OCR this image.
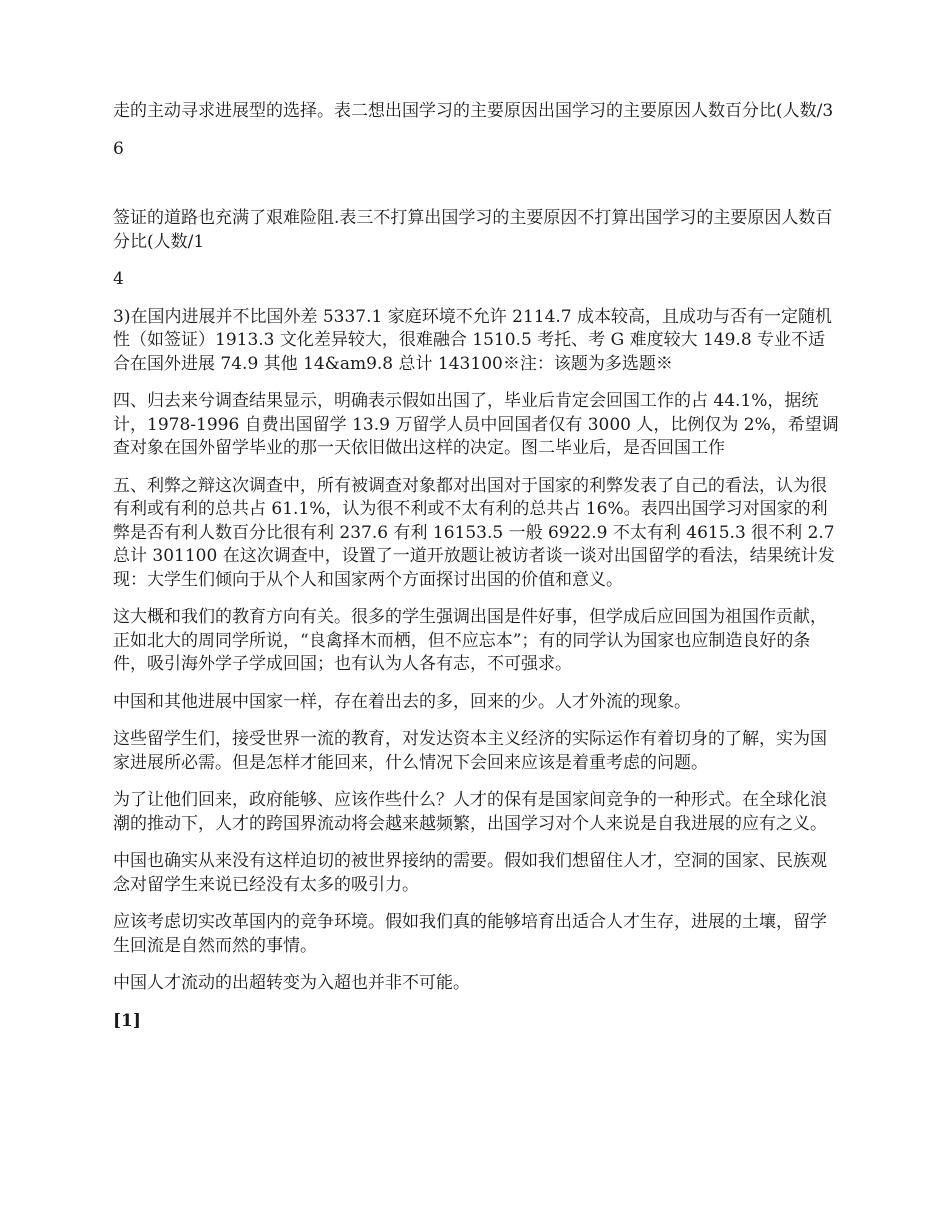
走的主动寻求进展型的选择。表二想出国学习的主要原因出国学习的主要原因人数百分比(人数/3

6

签证的道路也充满了艰难险阻.表三不打算出国学习的主要原因不打算出国学习的主要原因人数百分比(人数/1

4

3)在国内进展并不比国外差 5337.1 家庭环境不允许 2114.7 成本较高，且成功与否有一定随机性（如签证）1913.3 文化差异较大，很难融合 1510.5 考托、考 G 难度较大 149.8 专业不适合在国外进展 74.9 其他 14&am9.8 总计 143100※注：该题为多选题※

四、归去来兮调查结果显示，明确表示假如出国了，毕业后肯定会回国工作的占 44.1%，据统计，1978-1996 自费出国留学 13.9 万留学人员中回国者仅有 3000 人，比例仅为 2%，希望调查对象在国外留学毕业的那一天依旧做出这样的决定。图二毕业后，是否回国工作

五、利弊之辩这次调查中，所有被调查对象都对出国对于国家的利弊发表了自己的看法，认为很有利或有利的总共占 61.1%，认为很不利或不太有利的总共占 16%。表四出国学习对国家的利弊是否有利人数百分比很有利 237.6 有利 16153.5 一般 6922.9 不太有利 4615.3 很不利 2.7 总计 301100 在这次调查中，设置了一道开放题让被访者谈一谈对出国留学的看法，结果统计发现：大学生们倾向于从个人和国家两个方面探讨出国的价值和意义。

这大概和我们的教育方向有关。很多的学生强调出国是件好事，但学成后应回国为祖国作贡献，正如北大的周同学所说，“良禽择木而栖，但不应忘本”；有的同学认为国家也应制造良好的条件，吸引海外学子学成回国；也有认为人各有志，不可强求。

中国和其他进展中国家一样，存在着出去的多，回来的少。人才外流的现象。

这些留学生们，接受世界一流的教育，对发达资本主义经济的实际运作有着切身的了解，实为国家进展所必需。但是怎样才能回来，什么情况下会回来应该是着重考虑的问题。

为了让他们回来，政府能够、应该作些什么？人才的保有是国家间竞争的一种形式。在全球化浪潮的推动下，人才的跨国界流动将会越来越频繁，出国学习对个人来说是自我进展的应有之义。

中国也确实从来没有这样迫切的被世界接纳的需要。假如我们想留住人才，空洞的国家、民族观念对留学生来说已经没有太多的吸引力。

应该考虑切实改革国内的竞争环境。假如我们真的能够培育出适合人才生存，进展的土壤，留学生回流是自然而然的事情。

中国人才流动的出超转变为入超也并非不可能。

[1]
